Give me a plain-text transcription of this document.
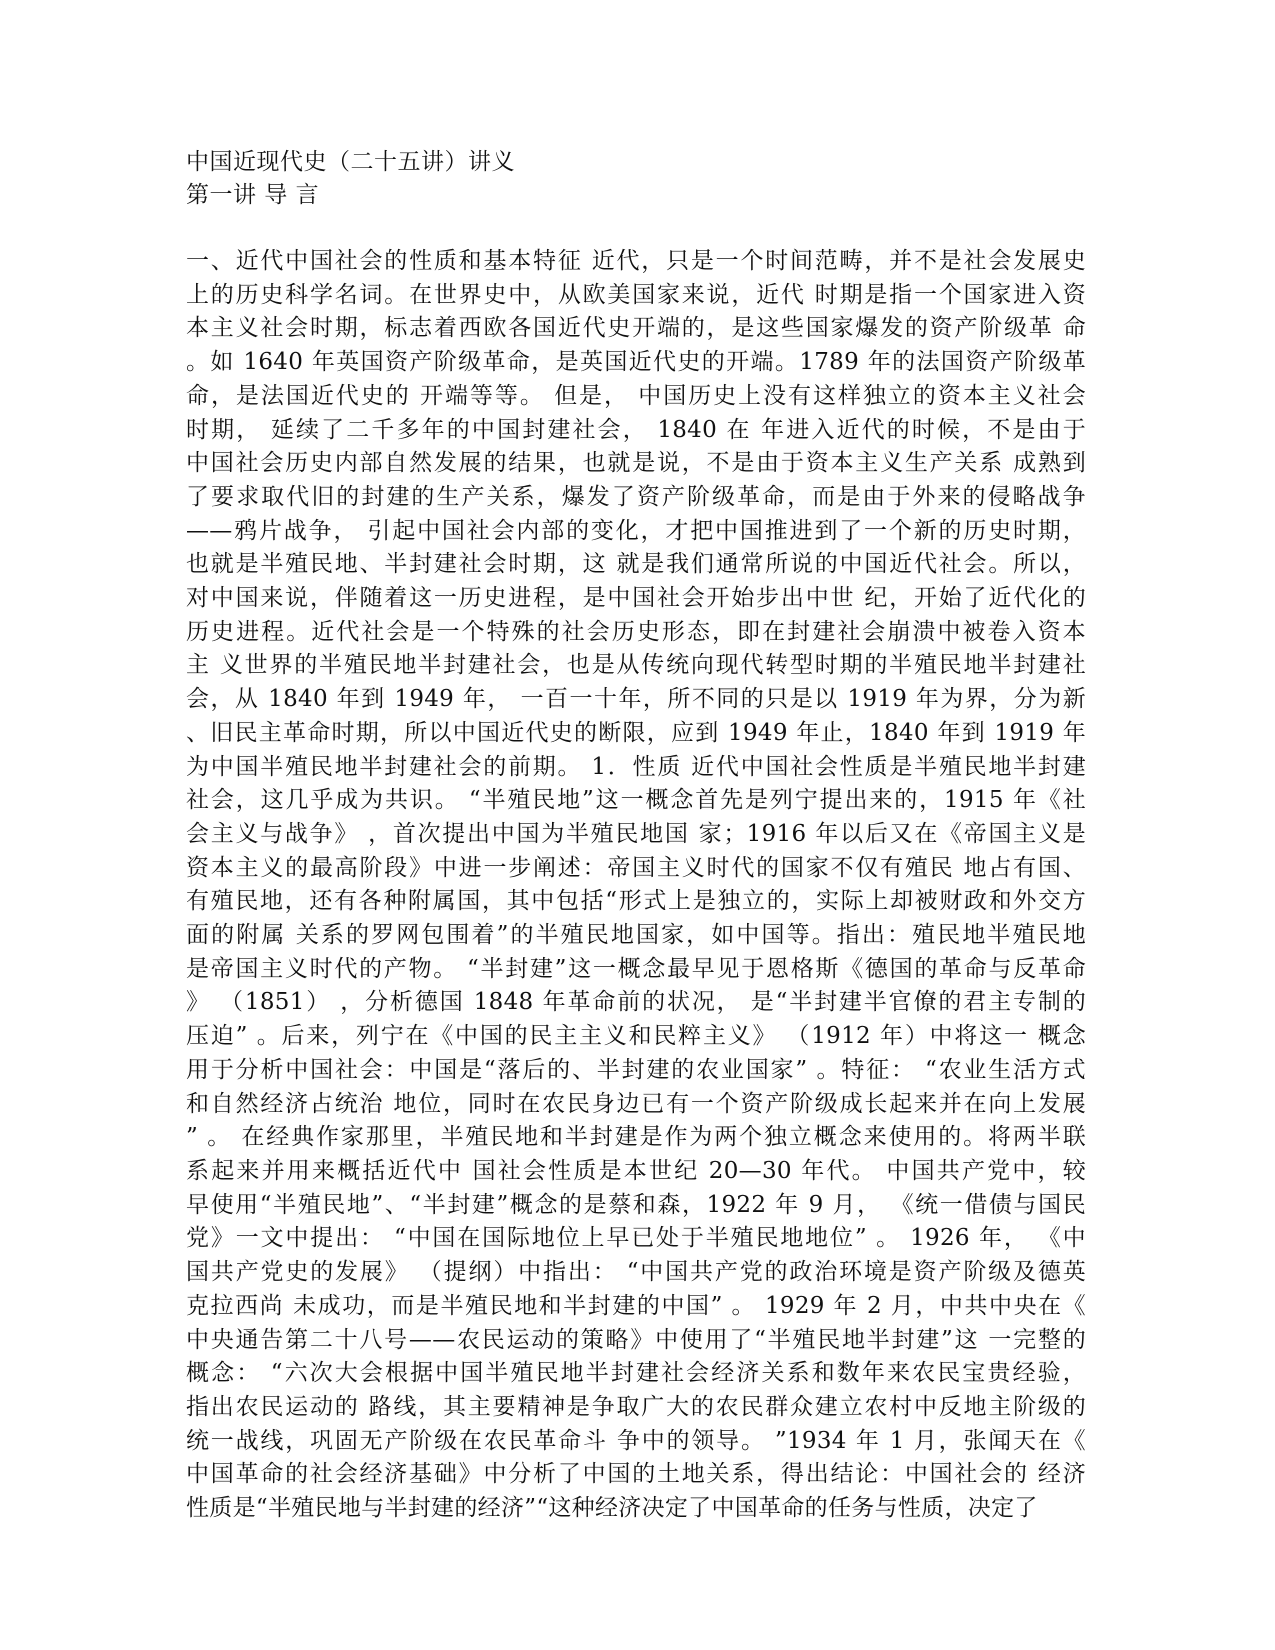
中国近现代史（二十五讲）讲义
第一讲 导 言
一、近代中国社会的性质和基本特征 近代，只是一个时间范畴，并不是社会发展史
上的历史科学名词。在世界史中，从欧美国家来说，近代 时期是指一个国家进入资
本主义社会时期，标志着西欧各国近代史开端的，是这些国家爆发的资产阶级革 命
。如 1640 年英国资产阶级革命，是英国近代史的开端。1789 年的法国资产阶级革
命，是法国近代史的 开端等等。 但是， 中国历史上没有这样独立的资本主义社会
时期， 延续了二千多年的中国封建社会， 1840 在 年进入近代的时候，不是由于
中国社会历史内部自然发展的结果，也就是说，不是由于资本主义生产关系 成熟到
了要求取代旧的封建的生产关系，爆发了资产阶级革命，而是由于外来的侵略战争
——鸦片战争， 引起中国社会内部的变化，才把中国推进到了一个新的历史时期，
也就是半殖民地、半封建社会时期，这 就是我们通常所说的中国近代社会。所以，
对中国来说，伴随着这一历史进程，是中国社会开始步出中世 纪，开始了近代化的
历史进程。近代社会是一个特殊的社会历史形态，即在封建社会崩溃中被卷入资本
主 义世界的半殖民地半封建社会，也是从传统向现代转型时期的半殖民地半封建社
会，从 1840 年到 1949 年， 一百一十年，所不同的只是以 1919 年为界，分为新
、旧民主革命时期，所以中国近代史的断限，应到 1949 年止，1840 年到 1919 年
为中国半殖民地半封建社会的前期。 1．性质 近代中国社会性质是半殖民地半封建
社会，这几乎成为共识。 “半殖民地”这一概念首先是列宁提出来的，1915 年《社
会主义与战争》 ，首次提出中国为半殖民地国 家；1916 年以后又在《帝国主义是
资本主义的最高阶段》中进一步阐述：帝国主义时代的国家不仅有殖民 地占有国、
有殖民地，还有各种附属国，其中包括“形式上是独立的，实际上却被财政和外交方
面的附属 关系的罗网包围着”的半殖民地国家，如中国等。指出：殖民地半殖民地
是帝国主义时代的产物。 “半封建”这一概念最早见于恩格斯《德国的革命与反革命
》 （1851） ，分析德国 1848 年革命前的状况， 是“半封建半官僚的君主专制的
压迫” 。后来，列宁在《中国的民主主义和民粹主义》 （1912 年）中将这一 概念
用于分析中国社会：中国是“落后的、半封建的农业国家” 。特征： “农业生活方式
和自然经济占统治 地位，同时在农民身边已有一个资产阶级成长起来并在向上发展
” 。 在经典作家那里，半殖民地和半封建是作为两个独立概念来使用的。将两半联
系起来并用来概括近代中 国社会性质是本世纪 20—30 年代。 中国共产党中，较
早使用“半殖民地”、“半封建”概念的是蔡和森，1922 年 9 月， 《统一借债与国民
党》一文中提出： “中国在国际地位上早已处于半殖民地地位” 。 1926 年， 《中
国共产党史的发展》 （提纲）中指出： “中国共产党的政治环境是资产阶级及德英
克拉西尚 未成功，而是半殖民地和半封建的中国” 。 1929 年 2 月，中共中央在《
中央通告第二十八号——农民运动的策略》中使用了“半殖民地半封建”这 一完整的
概念： “六次大会根据中国半殖民地半封建社会经济关系和数年来农民宝贵经验，
指出农民运动的 路线，其主要精神是争取广大的农民群众建立农村中反地主阶级的
统一战线，巩固无产阶级在农民革命斗 争中的领导。 ”1934 年 1 月，张闻天在《
中国革命的社会经济基础》中分析了中国的土地关系，得出结论：中国社会的 经济
性质是“半殖民地与半封建的经济”“这种经济决定了中国革命的任务与性质，决定了
